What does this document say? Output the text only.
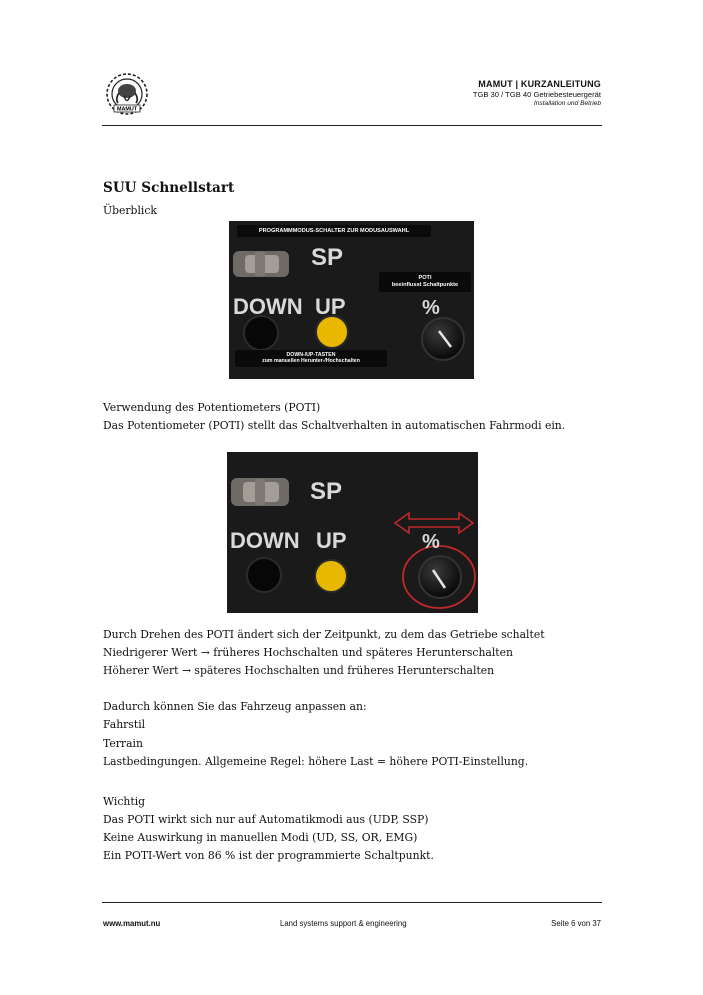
MAMUT
MAMUT | KURZANLEITUNG
TGB 30 / TGB 40 Getriebesteuergerät
Installation und Betrieb
SUU Schnellstart
Überblick
SP
DOWN UP	%
PROGRAMMMODUS-SCHALTER ZUR MODUSAUSWAHL
POTI
beeinflusst Schaltpunkte
DOWN-/UP-TASTEN
zum manuellen Herunter-/Hochschalten
Verwendung des Potentiometers (POTI)
Das Potentiometer (POTI) stellt das Schaltverhalten in automatischen Fahrmodi ein.
SP
DOWN UP	%
Durch Drehen des POTI ändert sich der Zeitpunkt, zu dem das Getriebe schaltet
Niedrigerer Wert → früheres Hochschalten und späteres Herunterschalten
Höherer Wert → späteres Hochschalten und früheres Herunterschalten
Dadurch können Sie das Fahrzeug anpassen an:
Fahrstil
Terrain
Lastbedingungen. Allgemeine Regel: höhere Last = höhere POTI-Einstellung.
Wichtig
Das POTI wirkt sich nur auf Automatikmodi aus (UDP, SSP)
Keine Auswirkung in manuellen Modi (UD, SS, OR, EMG)
Ein POTI-Wert von 86 % ist der programmierte Schaltpunkt.
www.mamut.nu	Land systems support & engineering	Seite 6 von 37
